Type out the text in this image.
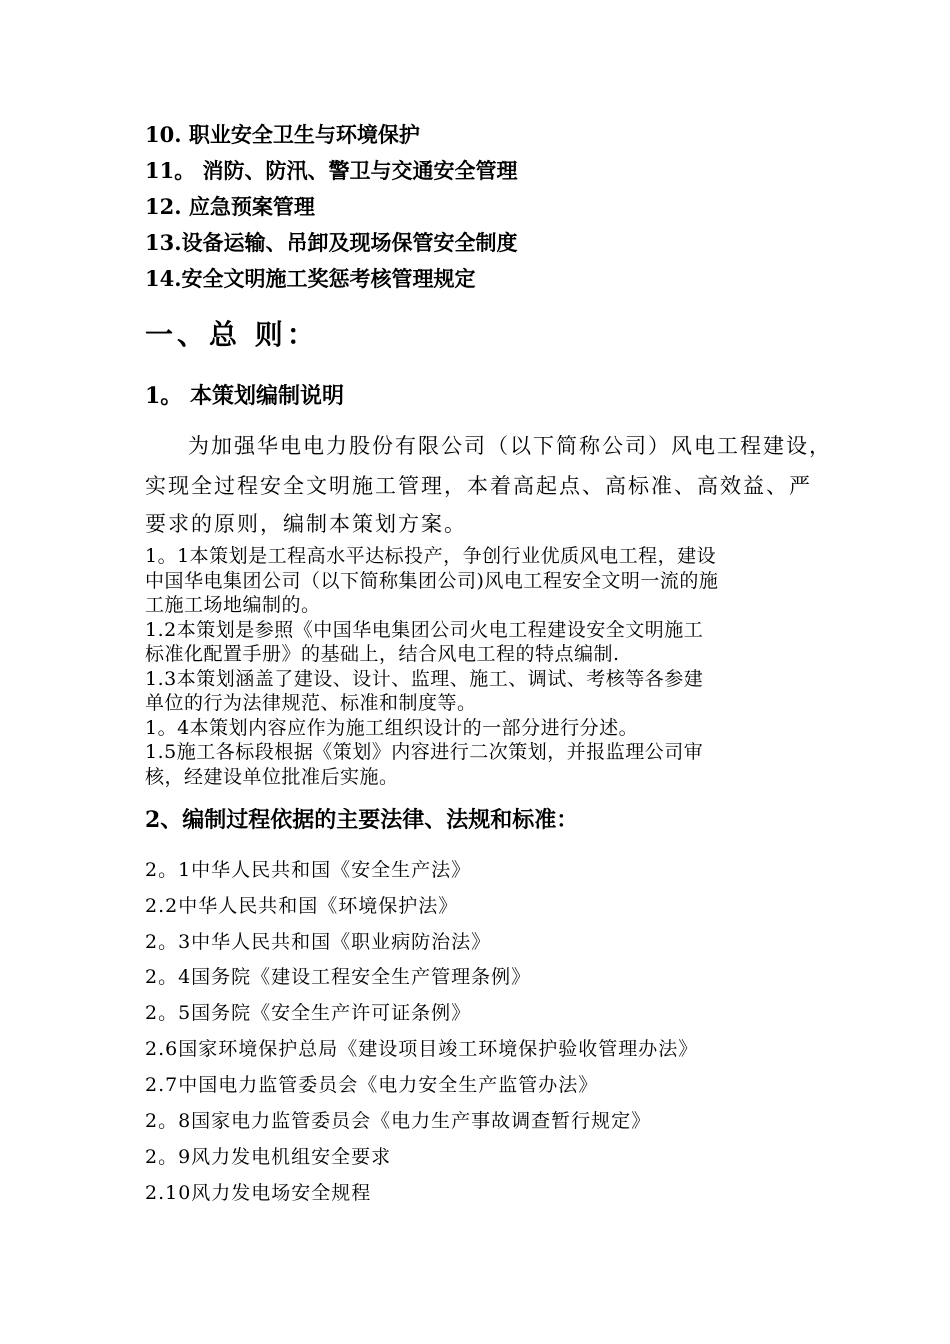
10. 职业安全卫生与环境保护
11。 消防、防汛、警卫与交通安全管理
12. 应急预案管理
13.设备运输、吊卸及现场保管安全制度
14.安全文明施工奖惩考核管理规定
一、总 则：
1。 本策划编制说明
为加强华电电力股份有限公司（以下简称公司）风电工程建设，
实现全过程安全文明施工管理，本着高起点、高标准、高效益、严
要求的原则，编制本策划方案。
1。1本策划是工程高水平达标投产，争创行业优质风电工程，建设
中国华电集团公司（以下简称集团公司)风电工程安全文明一流的施
工施工场地编制的。
1.2本策划是参照《中国华电集团公司火电工程建设安全文明施工
标准化配置手册》的基础上，结合风电工程的特点编制.
1.3本策划涵盖了建设、设计、监理、施工、调试、考核等各参建
单位的行为法律规范、标准和制度等。
1。4本策划内容应作为施工组织设计的一部分进行分述。
1.5施工各标段根据《策划》内容进行二次策划，并报监理公司审
核，经建设单位批准后实施。
2、编制过程依据的主要法律、法规和标准：
2。1中华人民共和国《安全生产法》
2.2中华人民共和国《环境保护法》
2。3中华人民共和国《职业病防治法》
2。4国务院《建设工程安全生产管理条例》
2。5国务院《安全生产许可证条例》
2.6国家环境保护总局《建设项目竣工环境保护验收管理办法》
2.7中国电力监管委员会《电力安全生产监管办法》
2。8国家电力监管委员会《电力生产事故调查暂行规定》
2。9风力发电机组安全要求
2.10风力发电场安全规程
